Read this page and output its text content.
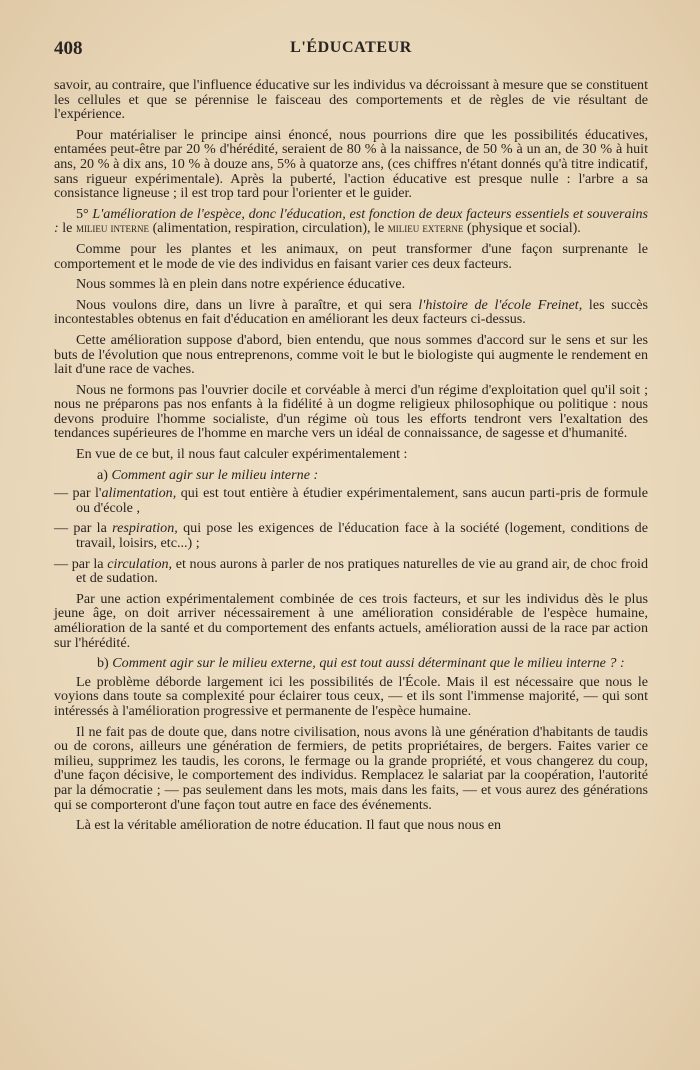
408	L'ÉDUCATEUR

savoir, au contraire, que l'influence éducative sur les individus va décroissant à mesure que se constituent les cellules et que se pérennise le faisceau des comportements et de règles de vie résultant de l'expérience.

Pour matérialiser le principe ainsi énoncé, nous pourrions dire que les possibilités éducatives, entamées peut-être par 20 % d'hérédité, seraient de 80 % à la naissance, de 50 % à un an, de 30 % à huit ans, 20 % à dix ans, 10 % à douze ans, 5% à quatorze ans, (ces chiffres n'étant donnés qu'à titre indicatif, sans rigueur expérimentale). Après la puberté, l'action éducative est presque nulle : l'arbre a sa consistance ligneuse ; il est trop tard pour l'orienter et le guider.

5° L'amélioration de l'espèce, donc l'éducation, est fonction de deux facteurs essentiels et souverains : le milieu interne (alimentation, respiration, circulation), le milieu externe (physique et social).

Comme pour les plantes et les animaux, on peut transformer d'une façon surprenante le comportement et le mode de vie des individus en faisant varier ces deux facteurs.

Nous sommes là en plein dans notre expérience éducative.

Nous voulons dire, dans un livre à paraître, et qui sera l'histoire de l'école Freinet, les succès incontestables obtenus en fait d'éducation en améliorant les deux facteurs ci-dessus.

Cette amélioration suppose d'abord, bien entendu, que nous sommes d'accord sur le sens et sur les buts de l'évolution que nous entreprenons, comme voit le but le biologiste qui augmente le rendement en lait d'une race de vaches.

Nous ne formons pas l'ouvrier docile et corvéable à merci d'un régime d'exploitation quel qu'il soit ; nous ne préparons pas nos enfants à la fidélité à un dogme religieux philosophique ou politique : nous devons produire l'homme socialiste, d'un régime où tous les efforts tendront vers l'exaltation des tendances supérieures de l'homme en marche vers un idéal de connaissance, de sagesse et d'humanité.

En vue de ce but, il nous faut calculer expérimentalement :

a) Comment agir sur le milieu interne :

— par l'alimentation, qui est tout entière à étudier expérimentalement, sans aucun parti-pris de formule ou d'école ,

— par la respiration, qui pose les exigences de l'éducation face à la société (logement, conditions de travail, loisirs, etc...) ;

— par la circulation, et nous aurons à parler de nos pratiques naturelles de vie au grand air, de choc froid et de sudation.

Par une action expérimentalement combinée de ces trois facteurs, et sur les individus dès le plus jeune âge, on doit arriver nécessairement à une amélioration considérable de l'espèce humaine, amélioration de la santé et du comportement des enfants actuels, amélioration aussi de la race par action sur l'hérédité.

b) Comment agir sur le milieu externe, qui est tout aussi déterminant que le milieu interne ? :

Le problème déborde largement ici les possibilités de l'École. Mais il est nécessaire que nous le voyions dans toute sa complexité pour éclairer tous ceux, — et ils sont l'immense majorité, — qui sont intéressés à l'amélioration progressive et permanente de l'espèce humaine.

Il ne fait pas de doute que, dans notre civilisation, nous avons là une génération d'habitants de taudis ou de corons, ailleurs une génération de fermiers, de petits propriétaires, de bergers. Faites varier ce milieu, supprimez les taudis, les corons, le fermage ou la grande propriété, et vous changerez du coup, d'une façon décisive, le comportement des individus. Remplacez le salariat par la coopération, l'autorité par la démocratie ; — pas seulement dans les mots, mais dans les faits, — et vous aurez des générations qui se comporteront d'une façon tout autre en face des événements.

Là est la véritable amélioration de notre éducation. Il faut que nous nous en
